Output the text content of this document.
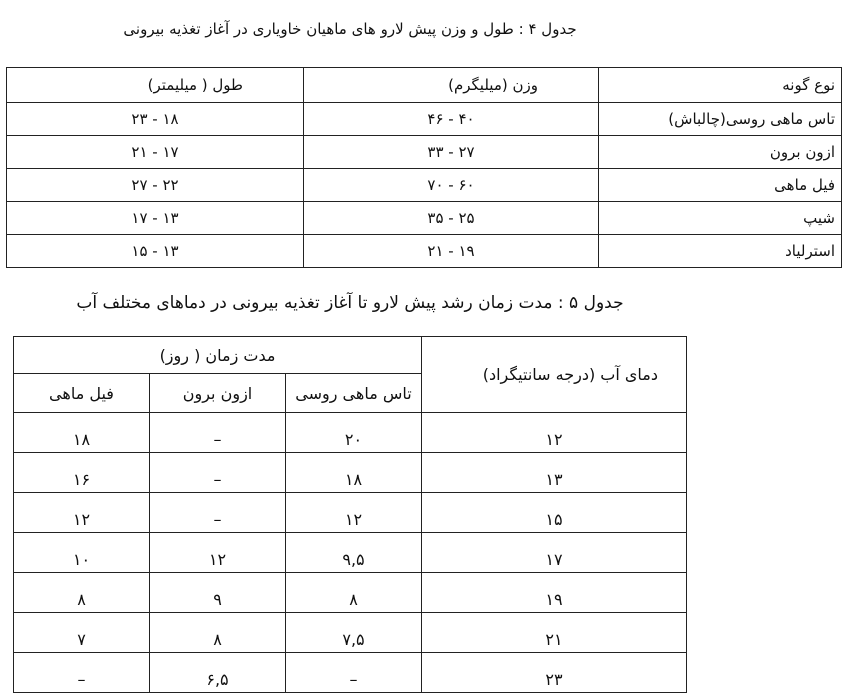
جدول ۴ : طول و وزن پیش لارو های ماهیان خاویاری در آغاز تغذیه بیرونی
نوع گونه	وزن (میلیگرم)	طول ( میلیمتر)
تاس ماهی روسی(چالباش)	۴۰ - ۴۶	۱۸ - ۲۳
ازون برون	۲۷ - ۳۳	۱۷ - ۲۱
فیل ماهی	۶۰ - ۷۰	۲۲ - ۲۷
شیپ	۲۵ - ۳۵	۱۳ - ۱۷
استرلیاد	۱۹ - ۲۱	۱۳ - ۱۵
جدول ۵ : مدت زمان رشد پیش لارو تا آغاز تغذیه بیرونی در دماهای مختلف آب
دمای آب (درجه سانتیگراد)	مدت زمان ( روز)		
	تاس ماهی روسی	ازون برون	فیل ماهی
۱۲	۲۰	–	۱۸
۱۳	۱۸	–	۱۶
۱۵	۱۲	–	۱۲
۱۷	۹,۵	۱۲	۱۰
۱۹	۸	۹	۸
۲۱	۷,۵	۸	۷
۲۳	–	۶,۵	–
